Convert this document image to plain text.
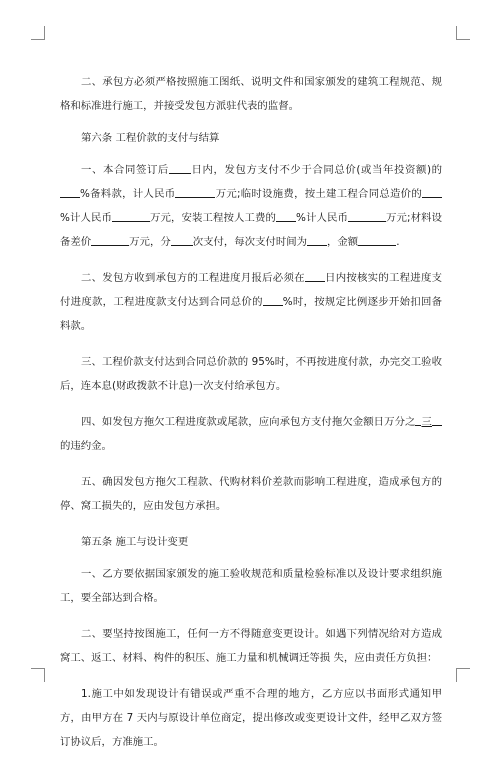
二、承包方必须严格按照施工图纸、说明文件和国家颁发的建筑工程规范、规格和标准进行施工，并接受发包方派驻代表的监督。

第六条 工程价款的支付与结算

一、本合同签订后 日内，发包方支付不少于合同总价(或当年投资额)的%备料款，计人民币	万元;临时设施费，按土建工程合同总造价的%计人民币	万元，安装工程按人工费的 %计人民币	万元;材料设备差价	万元，分 次支付，每次支付时间为 ，金额	.

二、发包方收到承包方的工程进度月报后必须在 日内按核实的工程进度支付进度款，工程进度款支付达到合同总价的 %时，按规定比例逐步开始扣回备料款。

三、工程价款支付达到合同总价款的 95%时，不再按进度付款，办完交工验收后，连本息(财政拨款不计息)一次支付给承包方。

四、如发包方拖欠工程进度款或尾款，应向承包方支付拖欠金额日万分之 三的违约金。

五、确因发包方拖欠工程款、代购材料价差款而影响工程进度，造成承包方的停、窝工损失的，应由发包方承担。

第五条 施工与设计变更

一、乙方要依据国家颁发的施工验收规范和质量检验标准以及设计要求组织施工，要全部达到合格。

二、要坚持按图施工，任何一方不得随意变更设计。如遇下列情况给对方造成窝工、返工、材料、构件的积压、施工力量和机械调迁等损 失，应由责任方负担：

1.施工中如发现设计有错误或严重不合理的地方，乙方应以书面形式通知甲方，由甲方在 7 天内与原设计单位商定，提出修改或变更设计文件，经甲乙双方签订协议后，方准施工。
